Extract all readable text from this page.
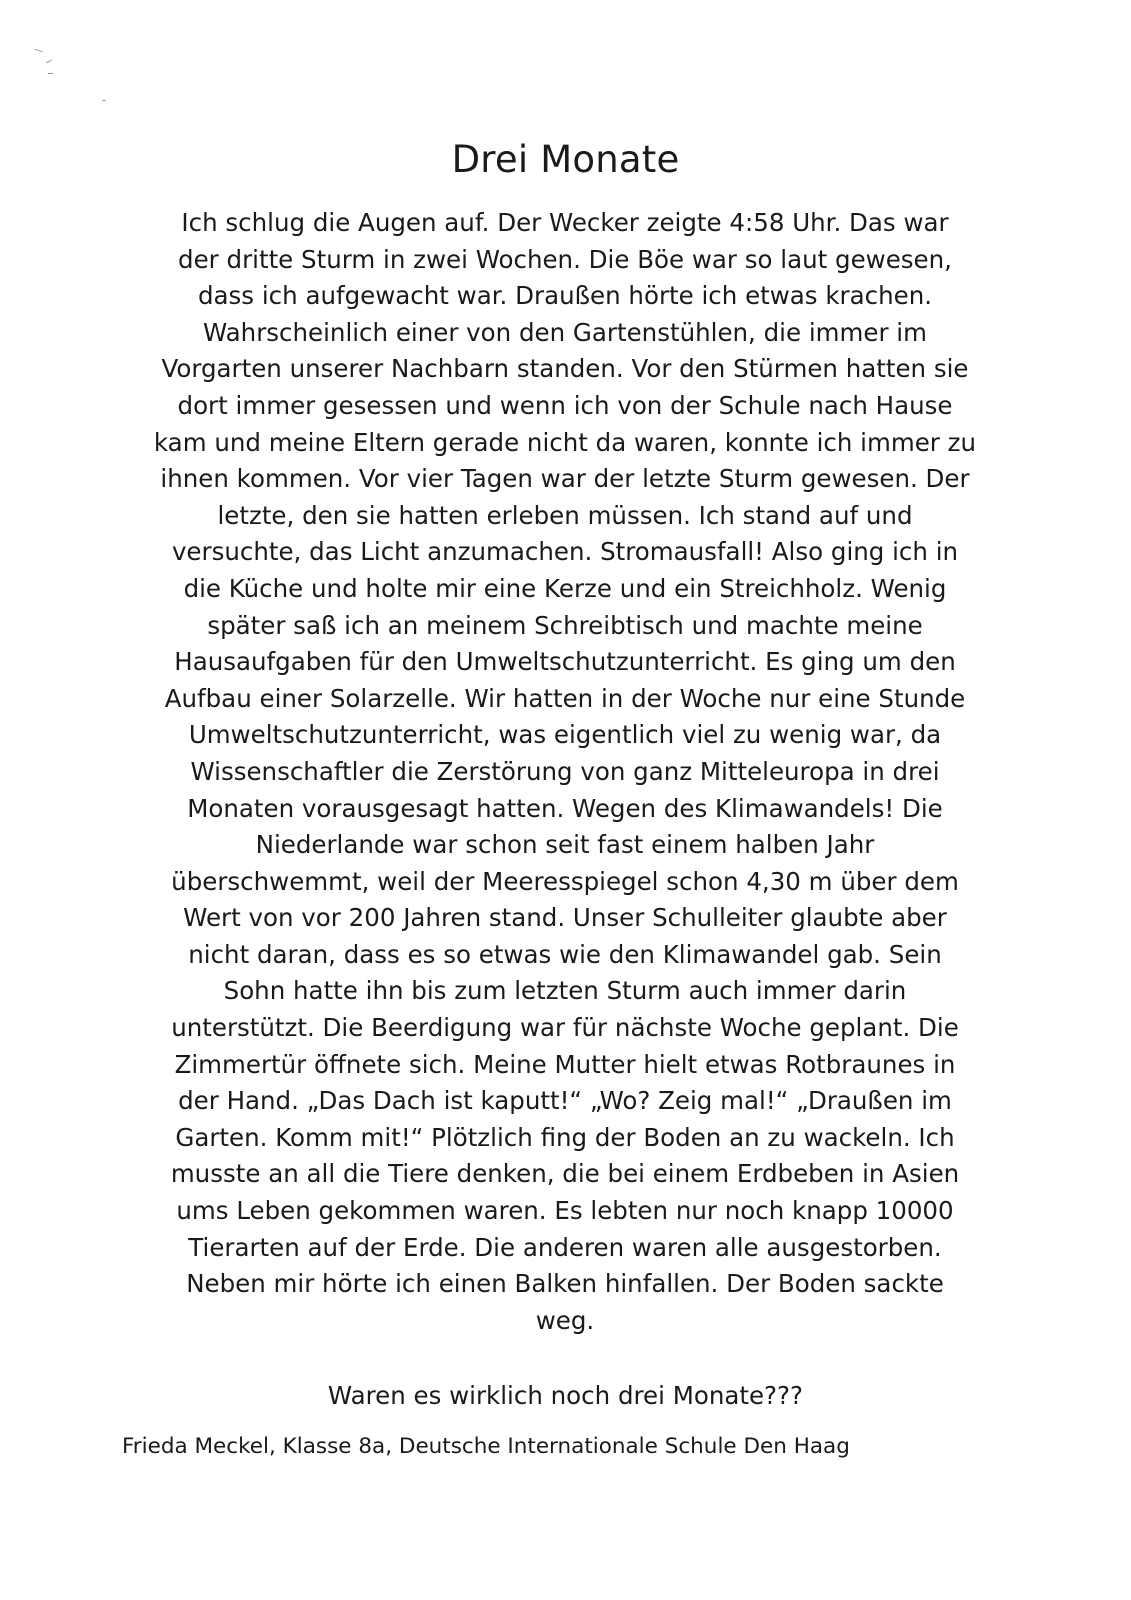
Drei Monate
Ich schlug die Augen auf. Der Wecker zeigte 4:58 Uhr. Das war
der dritte Sturm in zwei Wochen. Die Böe war so laut gewesen,
dass ich aufgewacht war. Draußen hörte ich etwas krachen.
Wahrscheinlich einer von den Gartenstühlen, die immer im
Vorgarten unserer Nachbarn standen. Vor den Stürmen hatten sie
dort immer gesessen und wenn ich von der Schule nach Hause
kam und meine Eltern gerade nicht da waren, konnte ich immer zu
ihnen kommen. Vor vier Tagen war der letzte Sturm gewesen. Der
letzte, den sie hatten erleben müssen. Ich stand auf und
versuchte, das Licht anzumachen. Stromausfall! Also ging ich in
die Küche und holte mir eine Kerze und ein Streichholz. Wenig
später saß ich an meinem Schreibtisch und machte meine
Hausaufgaben für den Umweltschutzunterricht. Es ging um den
Aufbau einer Solarzelle. Wir hatten in der Woche nur eine Stunde
Umweltschutzunterricht, was eigentlich viel zu wenig war, da
Wissenschaftler die Zerstörung von ganz Mitteleuropa in drei
Monaten vorausgesagt hatten. Wegen des Klimawandels! Die
Niederlande war schon seit fast einem halben Jahr
überschwemmt, weil der Meeresspiegel schon 4,30 m über dem
Wert von vor 200 Jahren stand. Unser Schulleiter glaubte aber
nicht daran, dass es so etwas wie den Klimawandel gab. Sein
Sohn hatte ihn bis zum letzten Sturm auch immer darin
unterstützt. Die Beerdigung war für nächste Woche geplant. Die
Zimmertür öffnete sich. Meine Mutter hielt etwas Rotbraunes in
der Hand. „Das Dach ist kaputt!“ „Wo? Zeig mal!“ „Draußen im
Garten. Komm mit!“ Plötzlich fing der Boden an zu wackeln. Ich
musste an all die Tiere denken, die bei einem Erdbeben in Asien
ums Leben gekommen waren. Es lebten nur noch knapp 10000
Tierarten auf der Erde. Die anderen waren alle ausgestorben.
Neben mir hörte ich einen Balken hinfallen. Der Boden sackte
weg.

Waren es wirklich noch drei Monate???

Frieda Meckel, Klasse 8a, Deutsche Internationale Schule Den Haag
